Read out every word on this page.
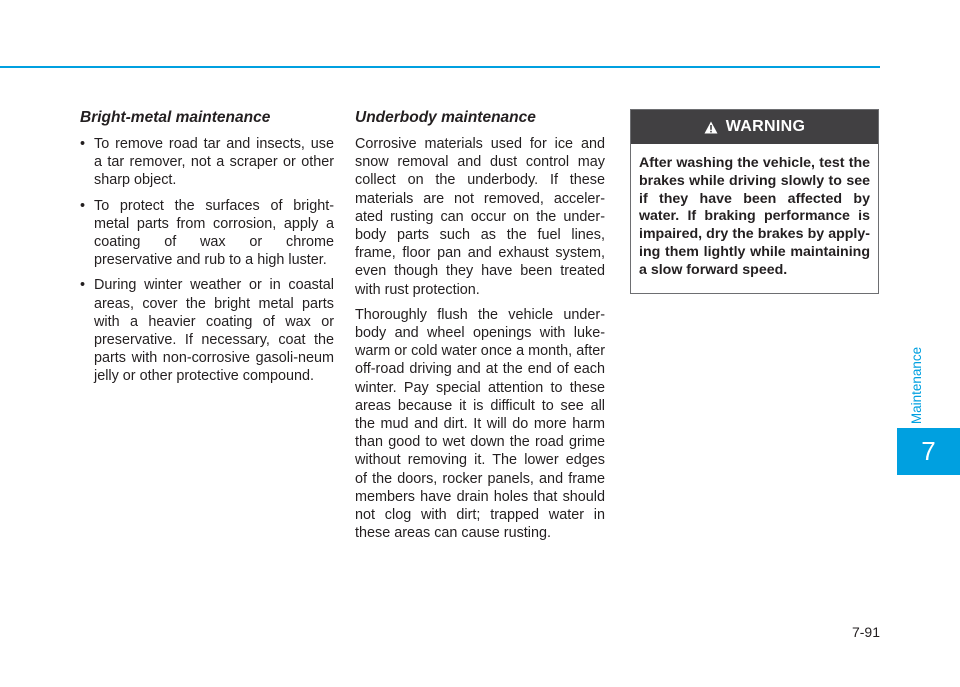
Bright-metal maintenance
• To remove road tar and insects, use a tar remover, not a scraper or other sharp object.
• To protect the surfaces of bright-metal parts from corrosion, apply a coating of wax or chrome preservative and rub to a high luster.
• During winter weather or in coastal areas, cover the bright metal parts with a heavier coating of wax or preservative. If necessary, coat the parts with non-corrosive gasoli-neum jelly or other protective compound.
Underbody maintenance

Corrosive materials used for ice and snow removal and dust control may collect on the underbody. If these materials are not removed, acceler-ated rusting can occur on the under-body parts such as the fuel lines, frame, floor pan and exhaust system, even though they have been treated with rust protection.

Thoroughly flush the vehicle under-body and wheel openings with luke-warm or cold water once a month, after off-road driving and at the end of each winter. Pay special attention to these areas because it is difficult to see all the mud and dirt. It will do more harm than good to wet down the road grime without removing it. The lower edges of the doors, rocker panels, and frame members have drain holes that should not clog with dirt; trapped water in these areas can cause rusting.

WARNING
After washing the vehicle, test the brakes while driving slowly to see if they have been affected by water. If braking performance is impaired, dry the brakes by apply-ing them lightly while maintaining a slow forward speed.
Maintenance
7
7-91
